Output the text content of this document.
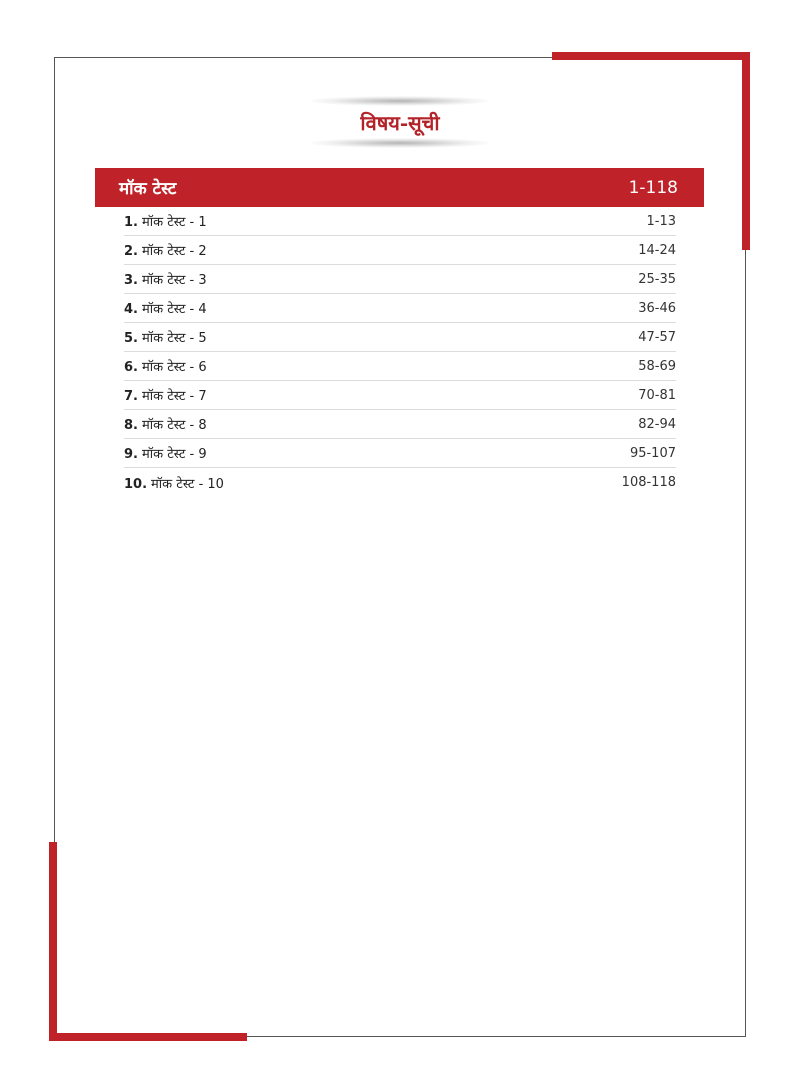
विषय-सूची
मॉक टेस्ट	1-118
1. मॉक टेस्ट - 1	1-13
2. मॉक टेस्ट - 2	14-24
3. मॉक टेस्ट - 3	25-35
4. मॉक टेस्ट - 4	36-46
5. मॉक टेस्ट - 5	47-57
6. मॉक टेस्ट - 6	58-69
7. मॉक टेस्ट - 7	70-81
8. मॉक टेस्ट - 8	82-94
9. मॉक टेस्ट - 9	95-107
10. मॉक टेस्ट - 10	108-118
